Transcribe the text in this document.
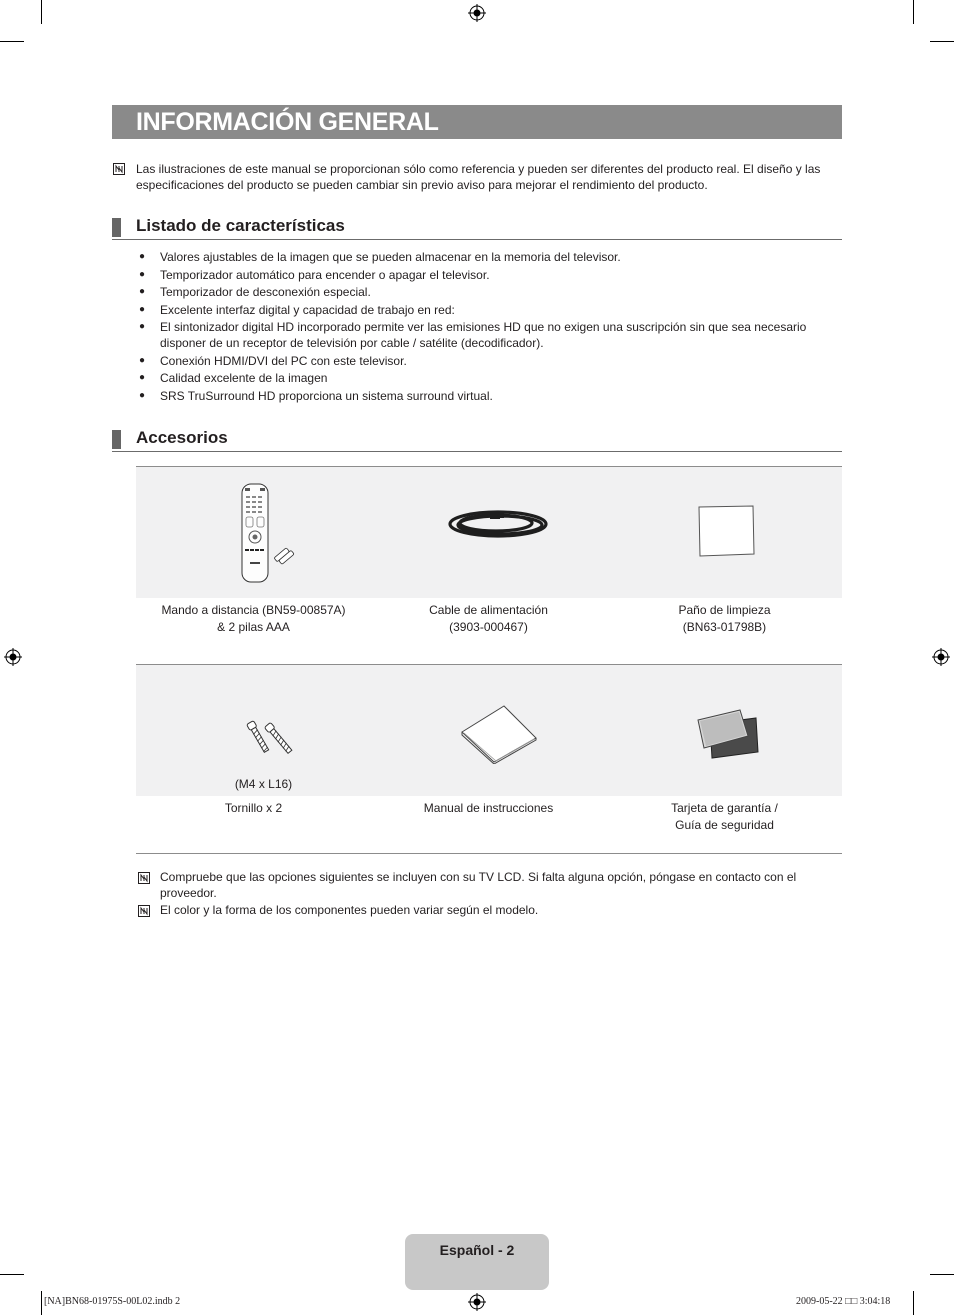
INFORMACIÓN GENERAL
Las ilustraciones de este manual se proporcionan sólo como referencia y pueden ser diferentes del producto real. El diseño y las especificaciones del producto se pueden cambiar sin previo aviso para mejorar el rendimiento del producto.
Listado de características
● Valores ajustables de la imagen que se pueden almacenar en la memoria del televisor.
● Temporizador automático para encender o apagar el televisor.
● Temporizador de desconexión especial.
● Excelente interfaz digital y capacidad de trabajo en red:
● El sintonizador digital HD incorporado permite ver las emisiones HD que no exigen una suscripción sin que sea necesario disponer de un receptor de televisión por cable / satélite (decodificador).
● Conexión HDMI/DVI del PC con este televisor.
● Calidad excelente de la imagen
● SRS TruSurround HD proporciona un sistema surround virtual.
Accesorios
Mando a distancia (BN59-00857A)
& 2 pilas AAA
Cable de alimentación
(3903-000467)
Paño de limpieza
(BN63-01798B)
(M4 x L16)
Tornillo x 2	Manual de instrucciones	Tarjeta de garantía /
Guía de seguridad
Compruebe que las opciones siguientes se incluyen con su TV LCD. Si falta alguna opción, póngase en contacto con el proveedor.
El color y la forma de los componentes pueden variar según el modelo.
Español - 2
[NA]BN68-01975S-00L02.indb 2	2009-05-22 □□ 3:04:18
